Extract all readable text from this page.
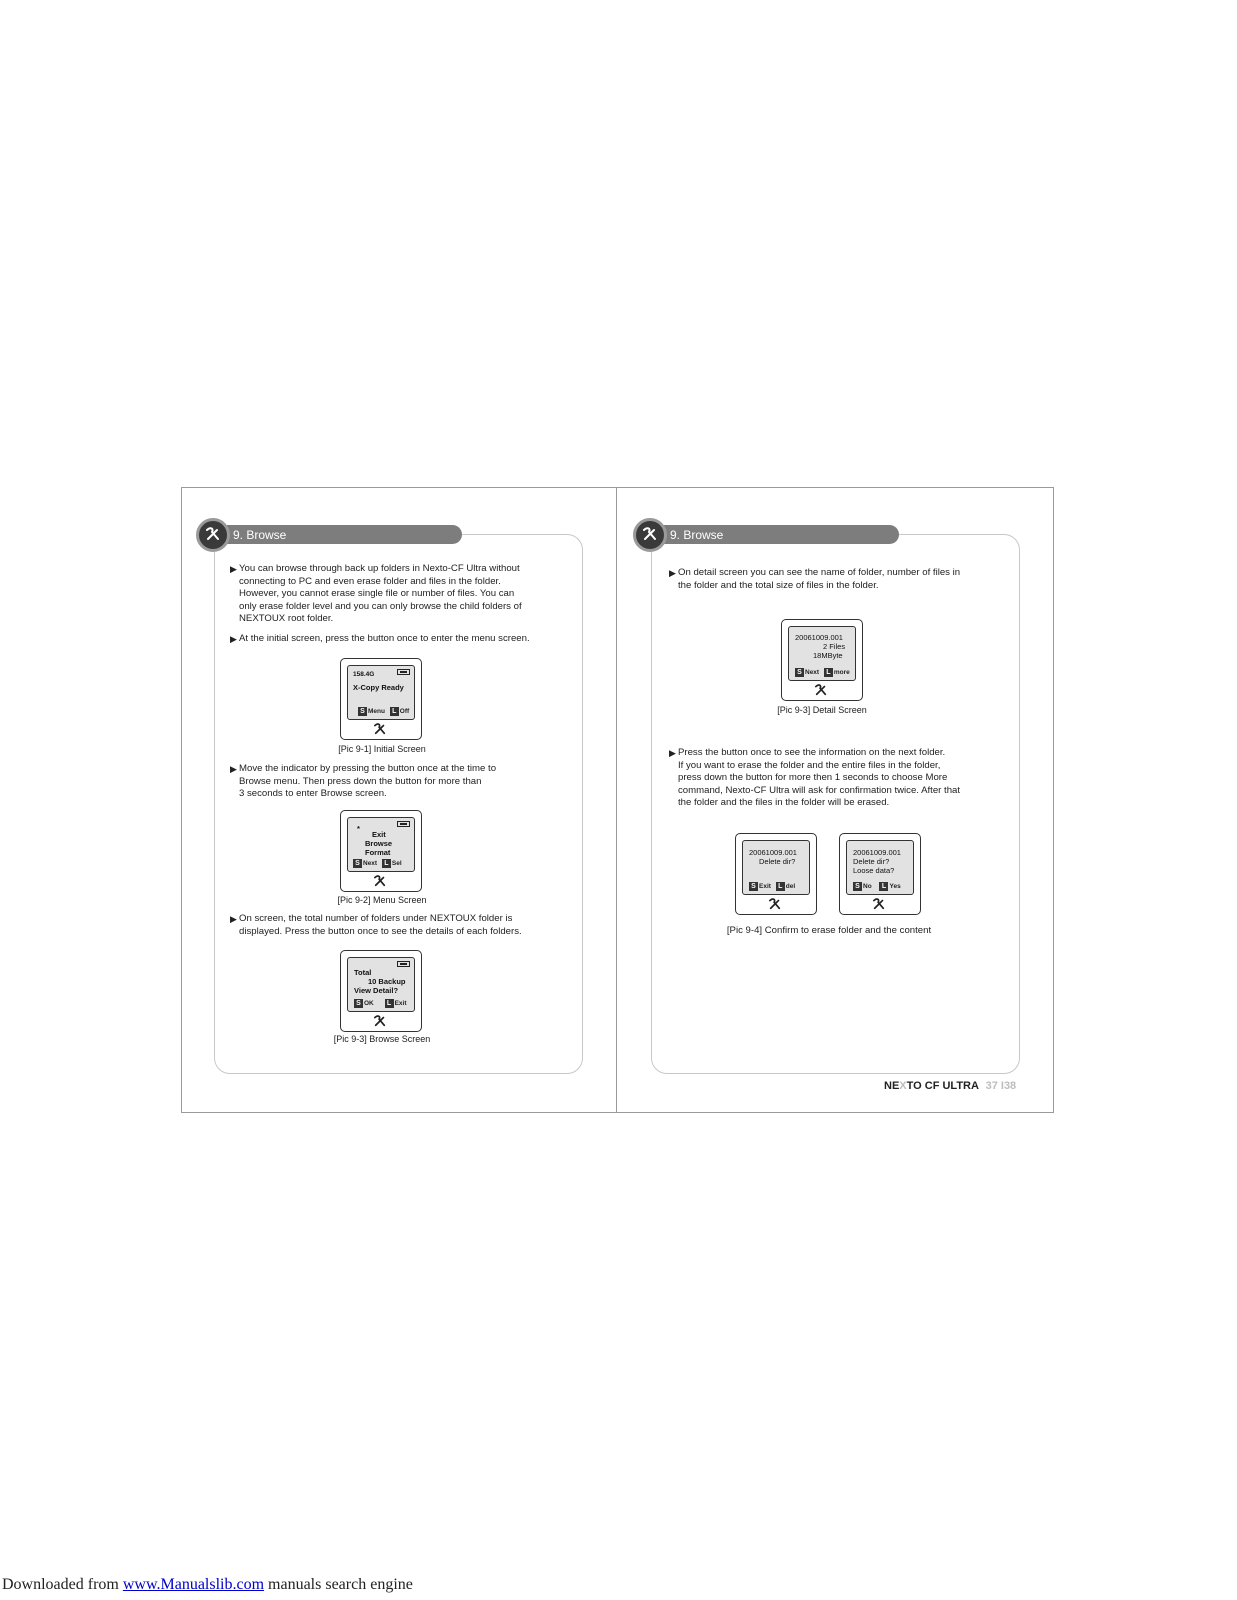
9. Browse
▶ You can browse through back up folders in Nexto-CF Ultra without
connecting to PC and even erase folder and files in the folder.
However, you cannot erase single file or number of files. You can
only erase folder level and you can only browse the child folders of
NEXTOUX root folder.
▶ At the initial screen, press the button once to enter the menu screen.
158.4G
X-Copy Ready
S Menu L Off
[Pic 9-1] Initial Screen
▶ Move the indicator by pressing the button once at the time to
Browse menu. Then press down the button for more than
3 seconds to enter Browse screen.
*
Exit
Browse
Format
S Next L Sel
[Pic 9-2] Menu Screen
▶ On screen, the total number of folders under NEXTOUX folder is
displayed. Press the button once to see the details of each folders.
Total
10 Backup
View Detail?
S OK L Exit
[Pic 9-3] Browse Screen
9. Browse
▶ On detail screen you can see the name of folder, number of files in
the folder and the total size of files in the folder.
20061009.001
2 Files
18MByte
S Next L more
[Pic 9-3] Detail Screen
▶ Press the button once to see the information on the next folder.
If you want to erase the folder and the entire files in the folder,
press down the button for more then 1 seconds to choose More
command, Nexto-CF Ultra will ask for confirmation twice. After that
the folder and the files in the folder will be erased.
20061009.001
Delete dir?
S Exit L del
20061009.001
Delete dir?
Loose data?
S No L Yes
[Pic 9-4] Confirm to erase folder and the content
NEXTO CF ULTRA 37 I38
Downloaded from www.Manualslib.com manuals search engine
